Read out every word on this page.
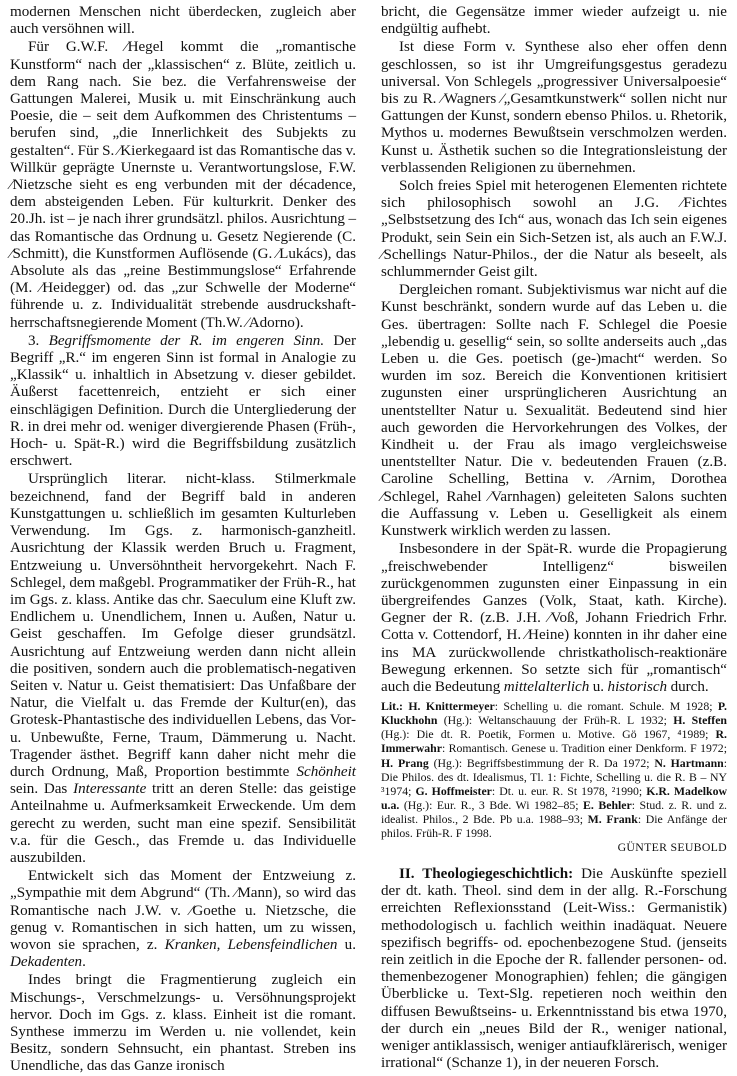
modernen Menschen nicht überdecken, zugleich aber auch versöhnen will.

Für G.W.F. ⁄Hegel kommt die „romantische Kunstform“ nach der „klassischen“ z. Blüte, zeitlich u. dem Rang nach. Sie bez. die Verfahrensweise der Gattungen Malerei, Musik u. mit Einschränkung auch Poesie, die – seit dem Aufkommen des Christentums – berufen sind, „die Innerlichkeit des Subjekts zu gestalten“. Für S. ⁄Kierkegaard ist das Romantische das v. Willkür geprägte Unernste u. Verantwortungslose, F.W. ⁄Nietzsche sieht es eng verbunden mit der décadence, dem absteigenden Leben. Für kulturkrit. Denker des 20.Jh. ist – je nach ihrer grundsätzl. philos. Ausrichtung – das Romantische das Ordnung u. Gesetz Negierende (C. ⁄Schmitt), die Kunstformen Auflösende (G. ⁄Lukács), das Absolute als das „reine Bestimmungslose“ Erfahrende (M. ⁄Heidegger) od. das „zur Schwelle der Moderne“ führende u. z. Individualität strebende ausdruckshaft-herrschaftsnegierende Moment (Th.W. ⁄Adorno).

3. Begriffsmomente der R. im engeren Sinn. Der Begriff „R.“ im engeren Sinn ist formal in Analogie zu „Klassik“ u. inhaltlich in Absetzung v. dieser gebildet. Äußerst facettenreich, entzieht er sich einer einschlägigen Definition. Durch die Untergliederung der R. in drei mehr od. weniger divergierende Phasen (Früh-, Hoch- u. Spät-R.) wird die Begriffsbildung zusätzlich erschwert.

Ursprünglich literar. nicht-klass. Stilmerkmale bezeichnend, fand der Begriff bald in anderen Kunstgattungen u. schließlich im gesamten Kulturleben Verwendung. Im Ggs. z. harmonisch-ganzheitl. Ausrichtung der Klassik werden Bruch u. Fragment, Entzweiung u. Unversöhntheit hervorgekehrt. Nach F. Schlegel, dem maßgebl. Programmatiker der Früh-R., hat im Ggs. z. klass. Antike das chr. Saeculum eine Kluft zw. Endlichem u. Unendlichem, Innen u. Außen, Natur u. Geist geschaffen. Im Gefolge dieser grundsätzl. Ausrichtung auf Entzweiung werden dann nicht allein die positiven, sondern auch die problematisch-negativen Seiten v. Natur u. Geist thematisiert: Das Unfaßbare der Natur, die Vielfalt u. das Fremde der Kultur(en), das Grotesk-Phantastische des individuellen Lebens, das Vor- u. Unbewußte, Ferne, Traum, Dämmerung u. Nacht. Tragender ästhet. Begriff kann daher nicht mehr die durch Ordnung, Maß, Proportion bestimmte Schönheit sein. Das Interessante tritt an deren Stelle: das geistige Anteilnahme u. Aufmerksamkeit Erweckende. Um dem gerecht zu werden, sucht man eine spezif. Sensibilität v.a. für die Gesch., das Fremde u. das Individuelle auszubilden.

Entwickelt sich das Moment der Entzweiung z. „Sympathie mit dem Abgrund“ (Th. ⁄Mann), so wird das Romantische nach J.W. v. ⁄Goethe u. Nietzsche, die genug v. Romantischen in sich hatten, um zu wissen, wovon sie sprachen, z. Kranken, Lebensfeindlichen u. Dekadenten.

Indes bringt die Fragmentierung zugleich ein Mischungs-, Verschmelzungs- u. Versöhnungsprojekt hervor. Doch im Ggs. z. klass. Einheit ist die romant. Synthese immerzu im Werden u. nie vollendet, kein Besitz, sondern Sehnsucht, ein phantast. Streben ins Unendliche, das das Ganze ironisch

bricht, die Gegensätze immer wieder aufzeigt u. nie endgültig aufhebt.

Ist diese Form v. Synthese also eher offen denn geschlossen, so ist ihr Umgreifungsgestus geradezu universal. Von Schlegels „progressiver Universalpoesie“ bis zu R. ⁄Wagners ⁄„Gesamtkunstwerk“ sollen nicht nur Gattungen der Kunst, sondern ebenso Philos. u. Rhetorik, Mythos u. modernes Bewußtsein verschmolzen werden. Kunst u. Ästhetik suchen so die Integrationsleistung der verblassenden Religionen zu übernehmen.

Solch freies Spiel mit heterogenen Elementen richtete sich philosophisch sowohl an J.G. ⁄Fichtes „Selbstsetzung des Ich“ aus, wonach das Ich sein eigenes Produkt, sein Sein ein Sich-Setzen ist, als auch an F.W.J. ⁄Schellings Natur-Philos., der die Natur als beseelt, als schlummernder Geist gilt.

Dergleichen romant. Subjektivismus war nicht auf die Kunst beschränkt, sondern wurde auf das Leben u. die Ges. übertragen: Sollte nach F. Schlegel die Poesie „lebendig u. gesellig“ sein, so sollte anderseits auch „das Leben u. die Ges. poetisch (ge-)macht“ werden. So wurden im soz. Bereich die Konventionen kritisiert zugunsten einer ursprünglicheren Ausrichtung an unentstellter Natur u. Sexualität. Bedeutend sind hier auch geworden die Hervorkehrungen des Volkes, der Kindheit u. der Frau als imago vergleichsweise unentstellter Natur. Die v. bedeutenden Frauen (z.B. Caroline Schelling, Bettina v. ⁄Arnim, Dorothea ⁄Schlegel, Rahel ⁄Varnhagen) geleiteten Salons suchten die Auffassung v. Leben u. Geselligkeit als einem Kunstwerk wirklich werden zu lassen.

Insbesondere in der Spät-R. wurde die Propagierung „freischwebender Intelligenz“ bisweilen zurückgenommen zugunsten einer Einpassung in ein übergreifendes Ganzes (Volk, Staat, kath. Kirche). Gegner der R. (z.B. J.H. ⁄Voß, Johann Friedrich Frhr. Cotta v. Cottendorf, H. ⁄Heine) konnten in ihr daher eine ins MA zurückwollende christkatholisch-reaktionäre Bewegung erkennen. So setzte sich für „romantisch“ auch die Bedeutung mittelalterlich u. historisch durch.

Lit.: H. Knittermeyer: Schelling u. die romant. Schule. M 1928; P. Kluckhohn (Hg.): Weltanschauung der Früh-R. L 1932; H. Steffen (Hg.): Die dt. R. Poetik, Formen u. Motive. Gö 1967, ⁴1989; R. Immerwahr: Romantisch. Genese u. Tradition einer Denkform. F 1972; H. Prang (Hg.): Begriffsbestimmung der R. Da 1972; N. Hartmann: Die Philos. des dt. Idealismus, Tl. 1: Fichte, Schelling u. die R. B – NY ³1974; G. Hoffmeister: Dt. u. eur. R. St 1978, ²1990; K.R. Madelkow u.a. (Hg.): Eur. R., 3 Bde. Wi 1982–85; E. Behler: Stud. z. R. und z. idealist. Philos., 2 Bde. Pb u.a. 1988–93; M. Frank: Die Anfänge der philos. Früh-R. F 1998.
GÜNTER SEUBOLD

II. Theologiegeschichtlich: Die Auskünfte speziell der dt. kath. Theol. sind dem in der allg. R.-Forschung erreichten Reflexionsstand (Leit-Wiss.: Germanistik) methodologisch u. fachlich weithin inadäquat. Neuere spezifisch begriffs- od. epochenbezogene Stud. (jenseits rein zeitlich in die Epoche der R. fallender personen- od. themenbezogener Monographien) fehlen; die gängigen Überblicke u. Text-Slg. repetieren noch weithin den diffusen Bewußtseins- u. Erkenntnisstand bis etwa 1970, der durch ein „neues Bild der R., weniger national, weniger antiklassisch, weniger antiaufklärerisch, weniger irrational“ (Schanze 1), in der neueren Forsch.
